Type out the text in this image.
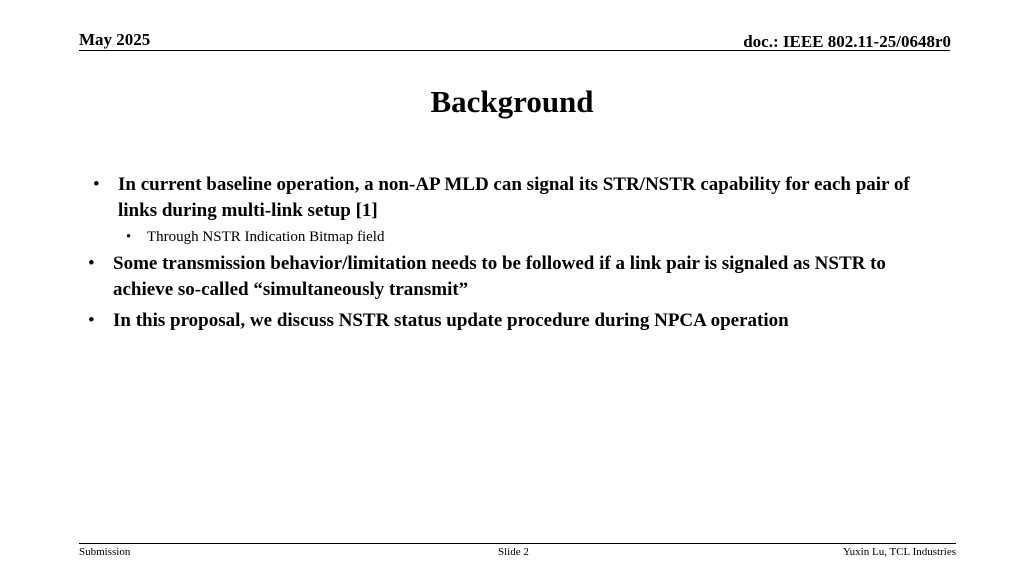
May 2025	doc.: IEEE 802.11-25/0648r0
Background
• In current baseline operation, a non-AP MLD can signal its STR/NSTR capability for each pair of links during multi-link setup [1]
• Through NSTR Indication Bitmap field
• Some transmission behavior/limitation needs to be followed if a link pair is signaled as NSTR to achieve so-called “simultaneously transmit”
• In this proposal, we discuss NSTR status update procedure during NPCA operation
Submission	Slide 2	Yuxin Lu, TCL Industries
